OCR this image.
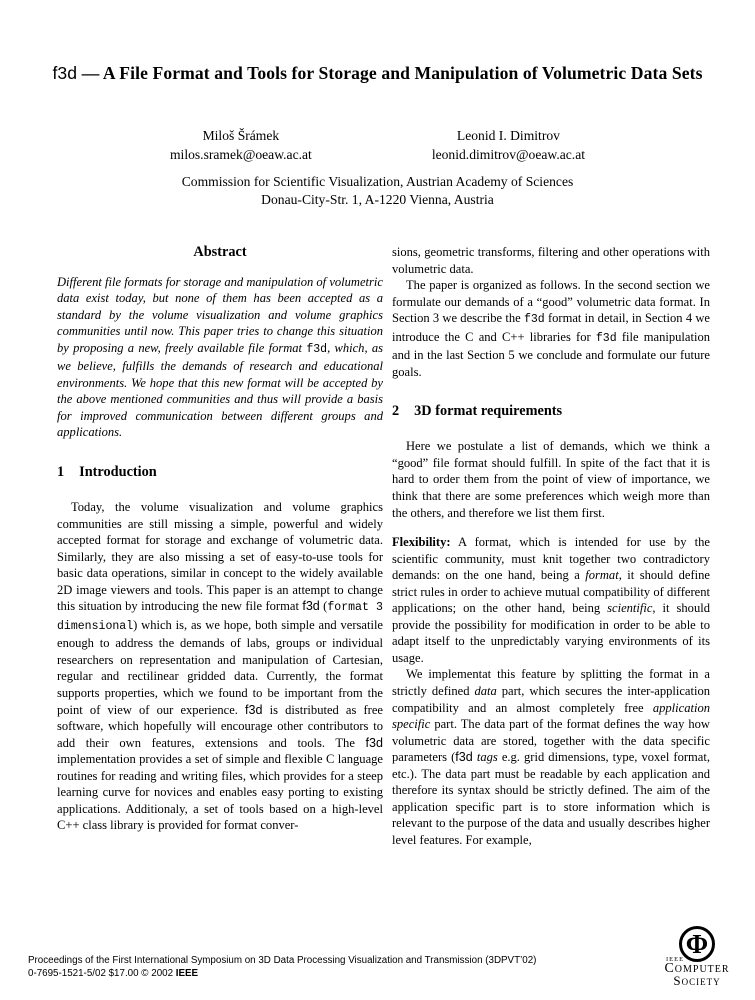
f3d — A File Format and Tools for Storage and Manipulation of Volumetric Data Sets
Miloš Šrámek
milos.sramek@oeaw.ac.at
Leonid I. Dimitrov
leonid.dimitrov@oeaw.ac.at
Commission for Scientific Visualization, Austrian Academy of Sciences
Donau-City-Str. 1, A-1220 Vienna, Austria
Abstract

Different file formats for storage and manipulation of volumetric data exist today, but none of them has been accepted as a standard by the volume visualization and volume graphics communities until now. This paper tries to change this situation by proposing a new, freely available file format f3d, which, as we believe, fulfills the demands of research and educational environments. We hope that this new format will be accepted by the above mentioned communities and thus will provide a basis for improved communication between different groups and applications.

1 Introduction

Today, the volume visualization and volume graphics communities are still missing a simple, powerful and widely accepted format for storage and exchange of volumetric data. Similarly, they are also missing a set of easy-to-use tools for basic data operations, similar in concept to the widely available 2D image viewers and tools. This paper is an attempt to change this situation by introducing the new file format f3d (format 3 dimensional) which is, as we hope, both simple and versatile enough to address the demands of labs, groups or individual researchers on representation and manipulation of Cartesian, regular and rectilinear gridded data. Currently, the format supports properties, which we found to be important from the point of view of our experience. f3d is distributed as free software, which hopefully will encourage other contributors to add their own features, extensions and tools. The f3d implementation provides a set of simple and flexible C language routines for reading and writing files, which provides for a steep learning curve for novices and enables easy porting to existing applications. Additionaly, a set of tools based on a high-level C++ class library is provided for format conver-

sions, geometric transforms, filtering and other operations with volumetric data.

The paper is organized as follows. In the second section we formulate our demands of a “good” volumetric data format. In Section 3 we describe the f3d format in detail, in Section 4 we introduce the C and C++ libraries for f3d file manipulation and in the last Section 5 we conclude and formulate our future goals.

2 3D format requirements

Here we postulate a list of demands, which we think a “good” file format should fulfill. In spite of the fact that it is hard to order them from the point of view of importance, we think that there are some preferences which weigh more than the others, and therefore we list them first.

Flexibility: A format, which is intended for use by the scientific community, must knit together two contradictory demands: on the one hand, being a format, it should define strict rules in order to achieve mutual compatibility of different applications; on the other hand, being scientific, it should provide the possibility for modification in order to be able to adapt itself to the unpredictably varying environments of its usage.

We implementat this feature by splitting the format in a strictly defined data part, which secures the inter-application compatibility and an almost completely free application specific part. The data part of the format defines the way how volumetric data are stored, together with the data specific parameters (f3d tags e.g. grid dimensions, type, voxel format, etc.). The data part must be readable by each application and therefore its syntax should be strictly defined. The aim of the application specific part is to store information which is relevant to the purpose of the data and usually describes higher level features. For example,

Proceedings of the First International Symposium on 3D Data Processing Visualization and Transmission (3DPVT’02)
0-7695-1521-5/02 $17.00 © 2002 IEEE
Φ
IEEE
Computer
Society
